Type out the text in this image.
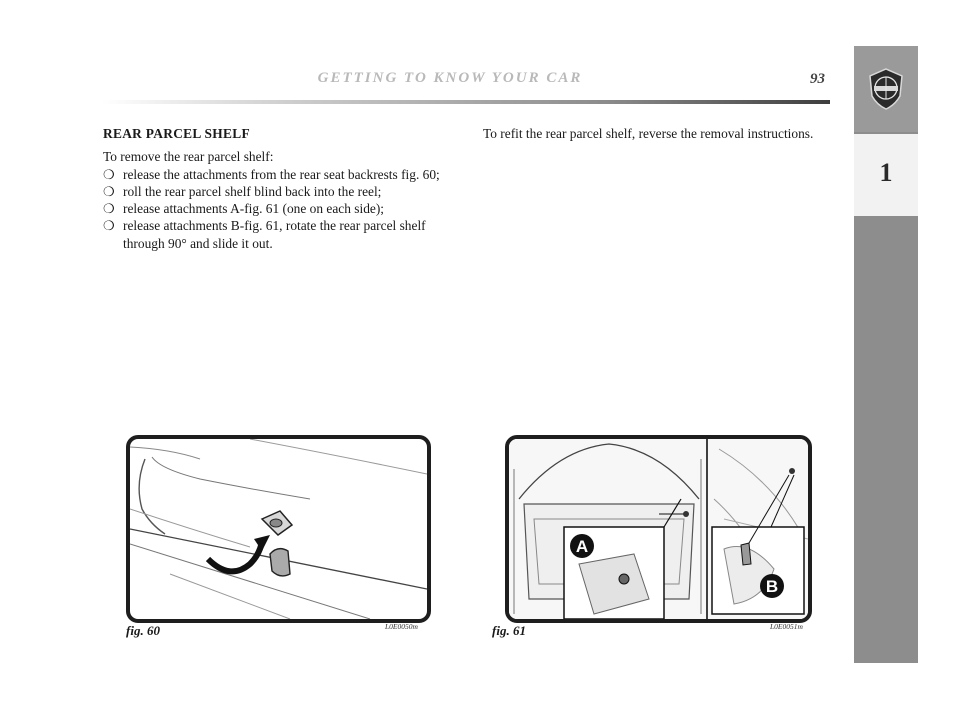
GETTING TO KNOW YOUR CAR	93
1
REAR PARCEL SHELF

To remove the rear parcel shelf:

❍ release the attachments from the rear seat backrests fig. 60;
❍ roll the rear parcel shelf blind back into the reel;
❍ release attachments A-fig. 61 (one on each side);
❍ release attachments B-fig. 61, rotate the rear parcel shelf through 90° and slide it out.

To refit the rear parcel shelf, reverse the removal instructions.

fig. 60	L0E0050m
A
B
fig. 61	L0E0051m
